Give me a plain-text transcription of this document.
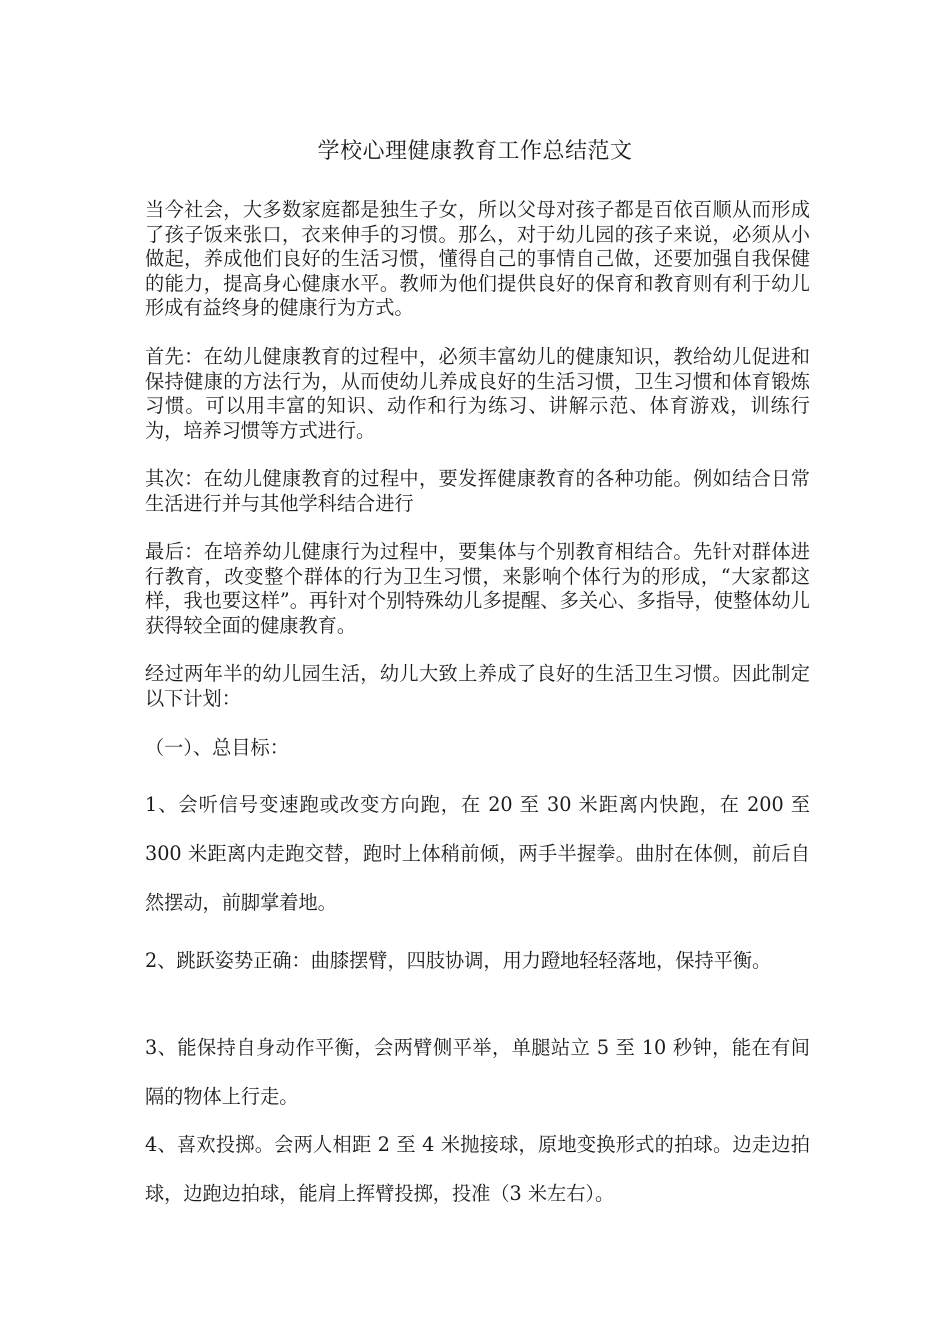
学校心理健康教育工作总结范文

当今社会，大多数家庭都是独生子女，所以父母对孩子都是百依百顺从而形成了孩子饭来张口，衣来伸手的习惯。那么，对于幼儿园的孩子来说，必须从小做起，养成他们良好的生活习惯，懂得自己的事情自己做，还要加强自我保健的能力，提高身心健康水平。教师为他们提供良好的保育和教育则有利于幼儿形成有益终身的健康行为方式。

首先：在幼儿健康教育的过程中，必须丰富幼儿的健康知识，教给幼儿促进和保持健康的方法行为，从而使幼儿养成良好的生活习惯，卫生习惯和体育锻炼习惯。可以用丰富的知识、动作和行为练习、讲解示范、体育游戏，训练行为，培养习惯等方式进行。

其次：在幼儿健康教育的过程中，要发挥健康教育的各种功能。例如结合日常生活进行并与其他学科结合进行

最后：在培养幼儿健康行为过程中，要集体与个别教育相结合。先针对群体进行教育，改变整个群体的行为卫生习惯，来影响个体行为的形成，“大家都这样，我也要这样”。再针对个别特殊幼儿多提醒、多关心、多指导，使整体幼儿获得较全面的健康教育。

经过两年半的幼儿园生活，幼儿大致上养成了良好的生活卫生习惯。因此制定以下计划：

（一）、总目标：

1、会听信号变速跑或改变方向跑，在 20 至 30 米距离内快跑，在 200 至 300 米距离内走跑交替，跑时上体稍前倾，两手半握拳。曲肘在体侧，前后自然摆动，前脚掌着地。

2、跳跃姿势正确：曲膝摆臂，四肢协调，用力蹬地轻轻落地，保持平衡。

3、能保持自身动作平衡，会两臂侧平举，单腿站立 5 至 10 秒钟，能在有间隔的物体上行走。

4、喜欢投掷。会两人相距 2 至 4 米抛接球，原地变换形式的拍球。边走边拍球，边跑边拍球，能肩上挥臂投掷，投准（3 米左右）。
